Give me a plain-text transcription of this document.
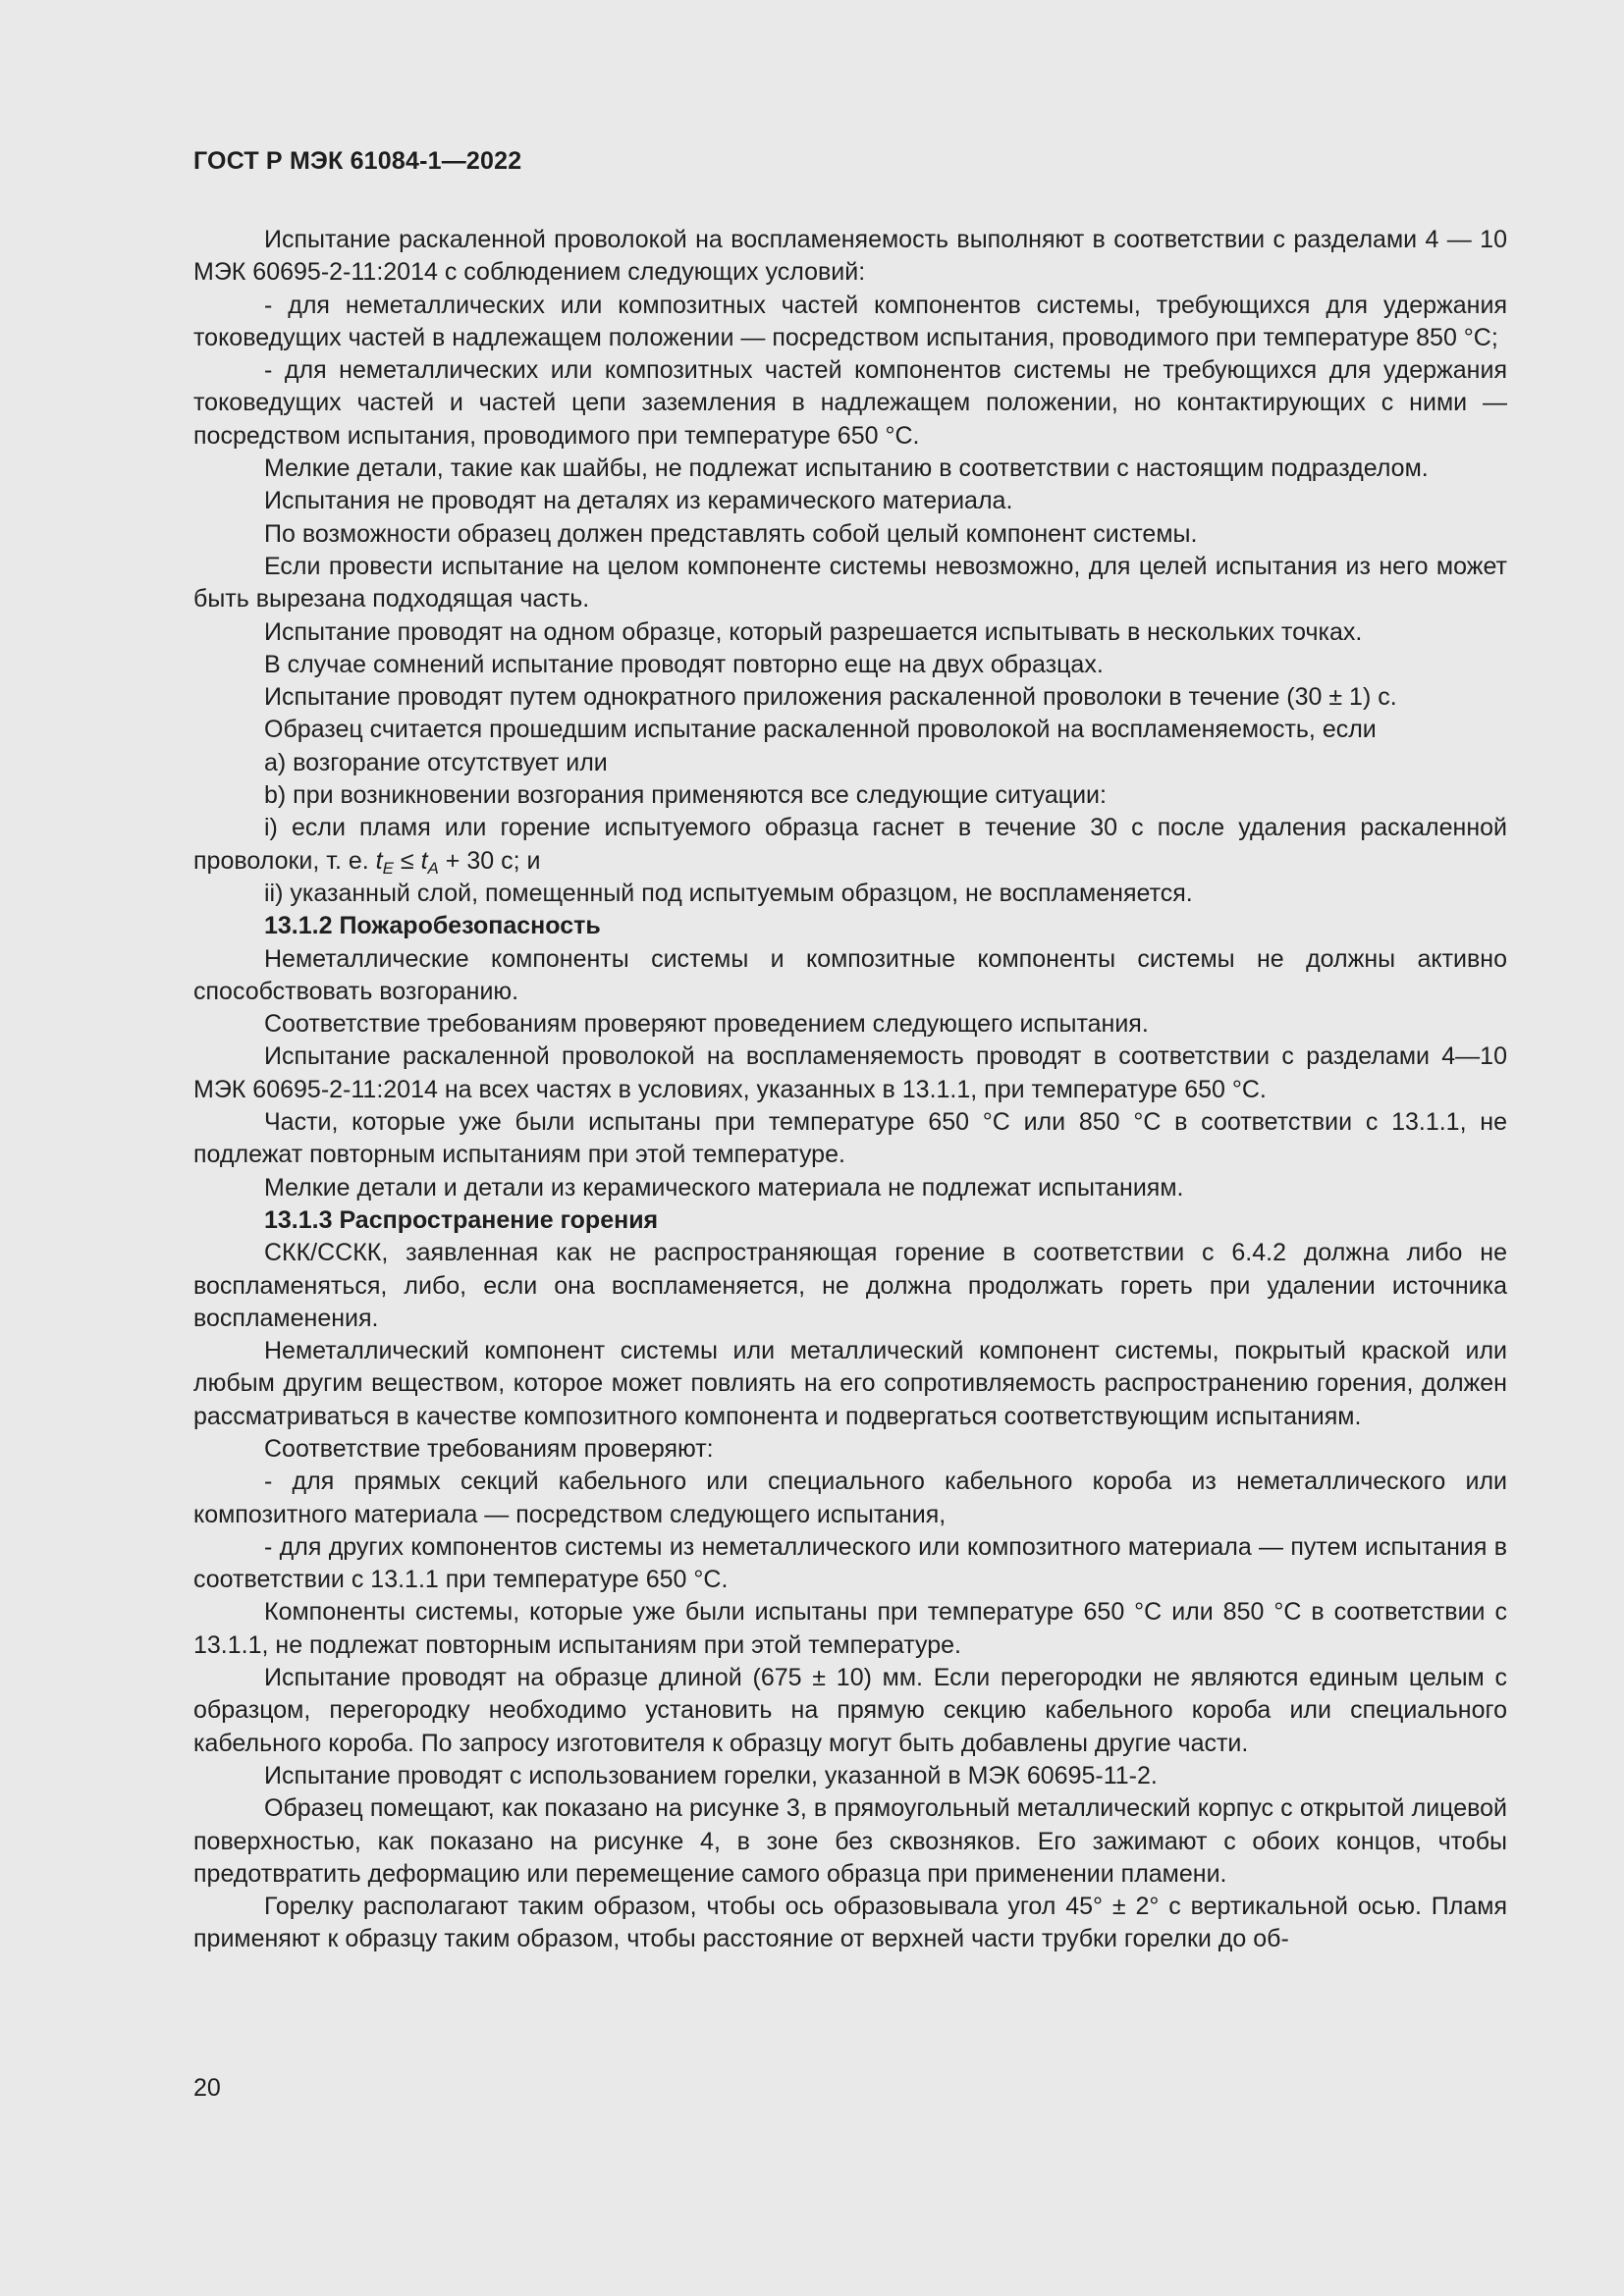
ГОСТ Р МЭК 61084-1—2022

Испытание раскаленной проволокой на воспламеняемость выполняют в соответствии с разделами 4 — 10 МЭК 60695-2-11:2014 с соблюдением следующих условий:

- для неметаллических или композитных частей компонентов системы, требующихся для удержания токоведущих частей в надлежащем положении — посредством испытания, проводимого при температуре 850 °С;

- для неметаллических или композитных частей компонентов системы не требующихся для удержания токоведущих частей и частей цепи заземления в надлежащем положении, но контактирующих с ними — посредством испытания, проводимого при температуре 650 °С.

Мелкие детали, такие как шайбы, не подлежат испытанию в соответствии с настоящим подразделом.

Испытания не проводят на деталях из керамического материала.

По возможности образец должен представлять собой целый компонент системы.

Если провести испытание на целом компоненте системы невозможно, для целей испытания из него может быть вырезана подходящая часть.

Испытание проводят на одном образце, который разрешается испытывать в нескольких точках.

В случае сомнений испытание проводят повторно еще на двух образцах.

Испытание проводят путем однократного приложения раскаленной проволоки в течение (30 ± 1) с.

Образец считается прошедшим испытание раскаленной проволокой на воспламеняемость, если

a) возгорание отсутствует или

b) при возникновении возгорания применяются все следующие ситуации:

i) если пламя или горение испытуемого образца гаснет в течение 30 с после удаления раскаленной проволоки, т. е. $t_E \le t_A + 30$ с; и

ii) указанный слой, помещенный под испытуемым образцом, не воспламеняется.

13.1.2 Пожаробезопасность

Неметаллические компоненты системы и композитные компоненты системы не должны активно способствовать возгоранию.

Соответствие требованиям проверяют проведением следующего испытания.

Испытание раскаленной проволокой на воспламеняемость проводят в соответствии с разделами 4—10 МЭК 60695-2-11:2014 на всех частях в условиях, указанных в 13.1.1, при температуре 650 °С.

Части, которые уже были испытаны при температуре 650 °С или 850 °С в соответствии с 13.1.1, не подлежат повторным испытаниям при этой температуре.

Мелкие детали и детали из керамического материала не подлежат испытаниям.

13.1.3 Распространение горения

СКК/ССКК, заявленная как не распространяющая горение в соответствии с 6.4.2 должна либо не воспламеняться, либо, если она воспламеняется, не должна продолжать гореть при удалении источника воспламенения.

Неметаллический компонент системы или металлический компонент системы, покрытый краской или любым другим веществом, которое может повлиять на его сопротивляемость распространению горения, должен рассматриваться в качестве композитного компонента и подвергаться соответствующим испытаниям.

Соответствие требованиям проверяют:

- для прямых секций кабельного или специального кабельного короба из неметаллического или композитного материала — посредством следующего испытания,

- для других компонентов системы из неметаллического или композитного материала — путем испытания в соответствии с 13.1.1 при температуре 650 °С.

Компоненты системы, которые уже были испытаны при температуре 650 °С или 850 °С в соответствии с 13.1.1, не подлежат повторным испытаниям при этой температуре.

Испытание проводят на образце длиной (675 ± 10) мм. Если перегородки не являются единым целым с образцом, перегородку необходимо установить на прямую секцию кабельного короба или специального кабельного короба. По запросу изготовителя к образцу могут быть добавлены другие части.

Испытание проводят с использованием горелки, указанной в МЭК 60695-11-2.

Образец помещают, как показано на рисунке 3, в прямоугольный металлический корпус с открытой лицевой поверхностью, как показано на рисунке 4, в зоне без сквозняков. Его зажимают с обоих концов, чтобы предотвратить деформацию или перемещение самого образца при применении пламени.

Горелку располагают таким образом, чтобы ось образовывала угол 45° ± 2° с вертикальной осью. Пламя применяют к образцу таким образом, чтобы расстояние от верхней части трубки горелки до об-

20
